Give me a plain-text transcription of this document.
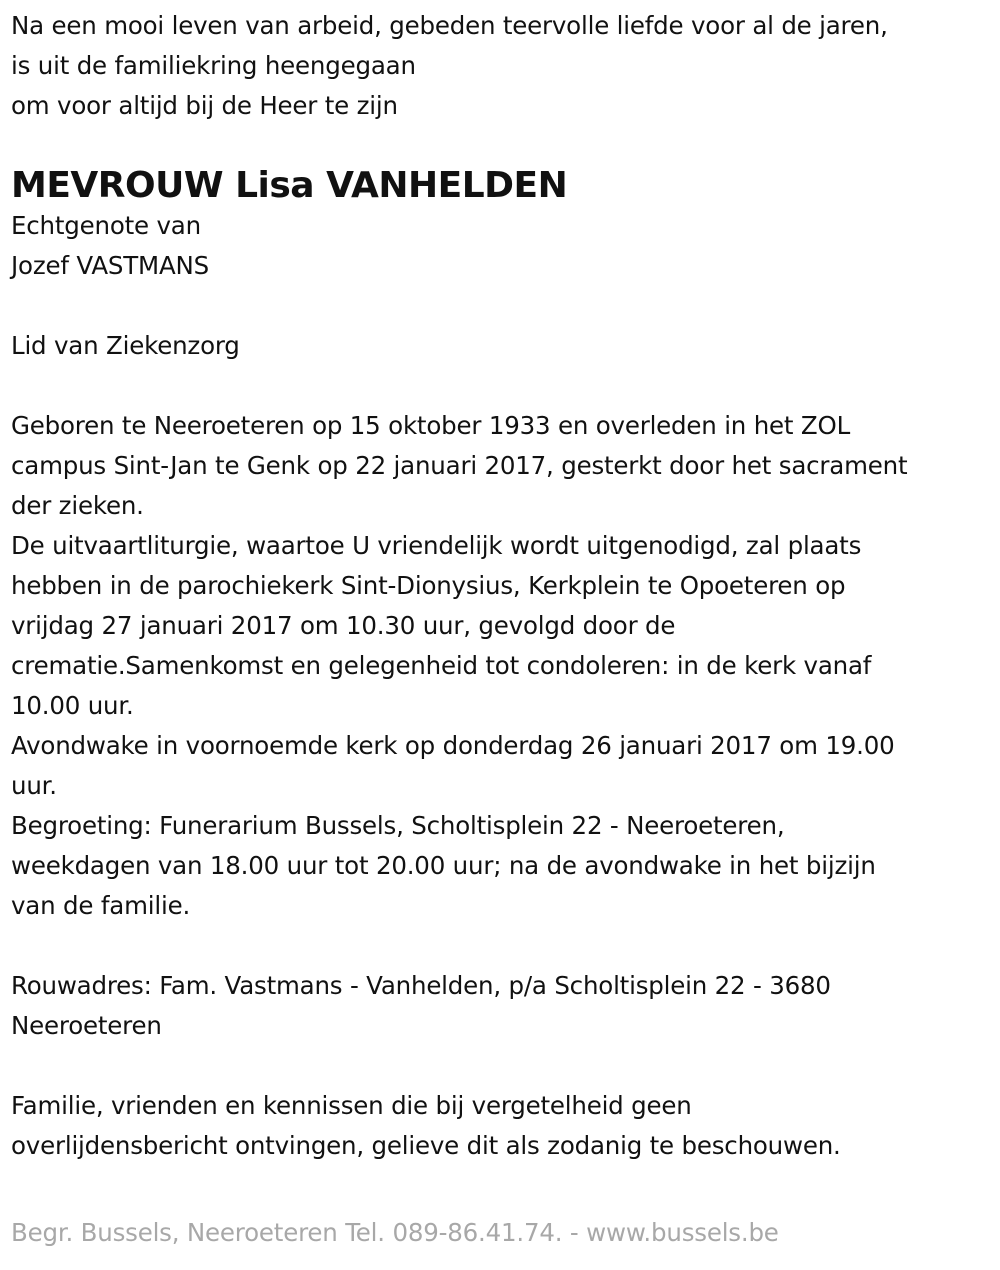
Na een mooi leven van arbeid, gebeden teervolle liefde voor al de jaren,
is uit de familiekring heengegaan
om voor altijd bij de Heer te zijn
MEVROUW Lisa VANHELDEN
Echtgenote van
Jozef VASTMANS
Lid van Ziekenzorg
Geboren te Neeroeteren op 15 oktober 1933 en overleden in het ZOL
campus Sint-Jan te Genk op 22 januari 2017, gesterkt door het sacrament
der zieken.
De uitvaartliturgie, waartoe U vriendelijk wordt uitgenodigd, zal plaats
hebben in de parochiekerk Sint-Dionysius, Kerkplein te Opoeteren op
vrijdag 27 januari 2017 om 10.30 uur, gevolgd door de
crematie.Samenkomst en gelegenheid tot condoleren: in de kerk vanaf
10.00 uur.
Avondwake in voornoemde kerk op donderdag 26 januari 2017 om 19.00
uur.
Begroeting: Funerarium Bussels, Scholtisplein 22 - Neeroeteren,
weekdagen van 18.00 uur tot 20.00 uur; na de avondwake in het bijzijn
van de familie.
Rouwadres: Fam. Vastmans - Vanhelden, p/a Scholtisplein 22 - 3680
Neeroeteren
Familie, vrienden en kennissen die bij vergetelheid geen
overlijdensbericht ontvingen, gelieve dit als zodanig te beschouwen.
Begr. Bussels, Neeroeteren Tel. 089-86.41.74. - www.bussels.be
